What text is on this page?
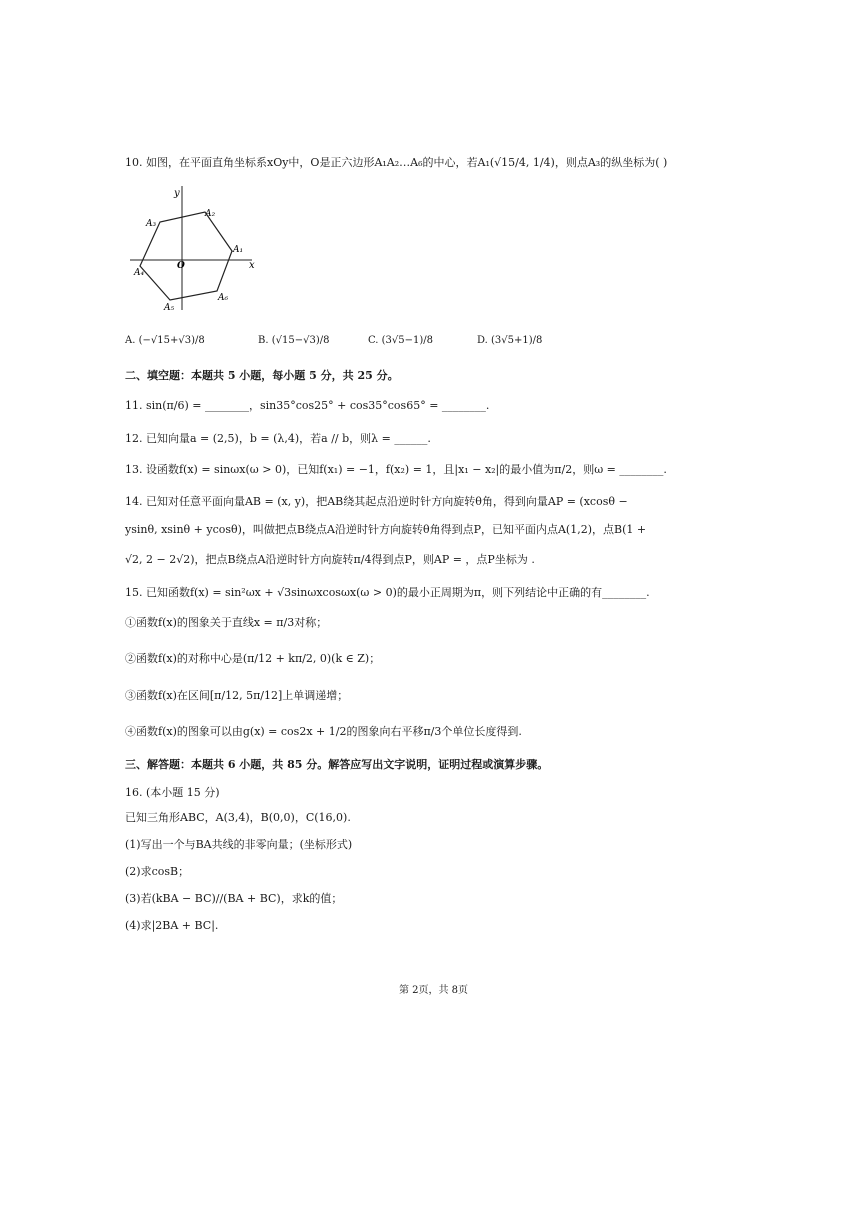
10. 如图，在平面直角坐标系xOy中，O是正六边形A₁A₂…A₆的中心，若A₁(√15/4, 1/4)，则点A₃的纵坐标为( )
y
x
O
A₁
A₂
A₃
A₄
A₅
A₆
A. (−√15+√3)/8	B. (√15−√3)/8	C. (3√5−1)/8	D. (3√5+1)/8
二、填空题：本题共 5 小题，每小题 5 分，共 25 分。
11. sin(π/6) = ________，sin35°cos25° + cos35°cos65° = ________.
12. 已知向量a = (2,5)，b = (λ,4)，若a // b，则λ = ______.
13. 设函数f(x) = sinωx(ω > 0)，已知f(x₁) = −1，f(x₂) = 1，且|x₁ − x₂|的最小值为π/2，则ω = ________.
14. 已知对任意平面向量AB = (x, y)，把AB绕其起点沿逆时针方向旋转θ角，得到向量AP = (xcosθ −
ysinθ, xsinθ + ycosθ)，叫做把点B绕点A沿逆时针方向旋转θ角得到点P，已知平面内点A(1,2)，点B(1 +
√2, 2 − 2√2)，把点B绕点A沿逆时针方向旋转π/4得到点P，则AP = ，点P坐标为 .
15. 已知函数f(x) = sin²ωx + √3sinωxcosωx(ω > 0)的最小正周期为π，则下列结论中正确的有________.
①函数f(x)的图象关于直线x = π/3对称；
②函数f(x)的对称中心是(π/12 + kπ/2, 0)(k ∈ Z)；
③函数f(x)在区间[π/12, 5π/12]上单调递增；
④函数f(x)的图象可以由g(x) = cos2x + 1/2的图象向右平移π/3个单位长度得到.
三、解答题：本题共 6 小题，共 85 分。解答应写出文字说明，证明过程或演算步骤。
16. (本小题 15 分)
已知三角形ABC，A(3,4)，B(0,0)，C(16,0).
(1)写出一个与BA共线的非零向量；(坐标形式)
(2)求cosB；
(3)若(kBA − BC)//(BA + BC)，求k的值；
(4)求|2BA + BC|.
第 2页，共 8页
